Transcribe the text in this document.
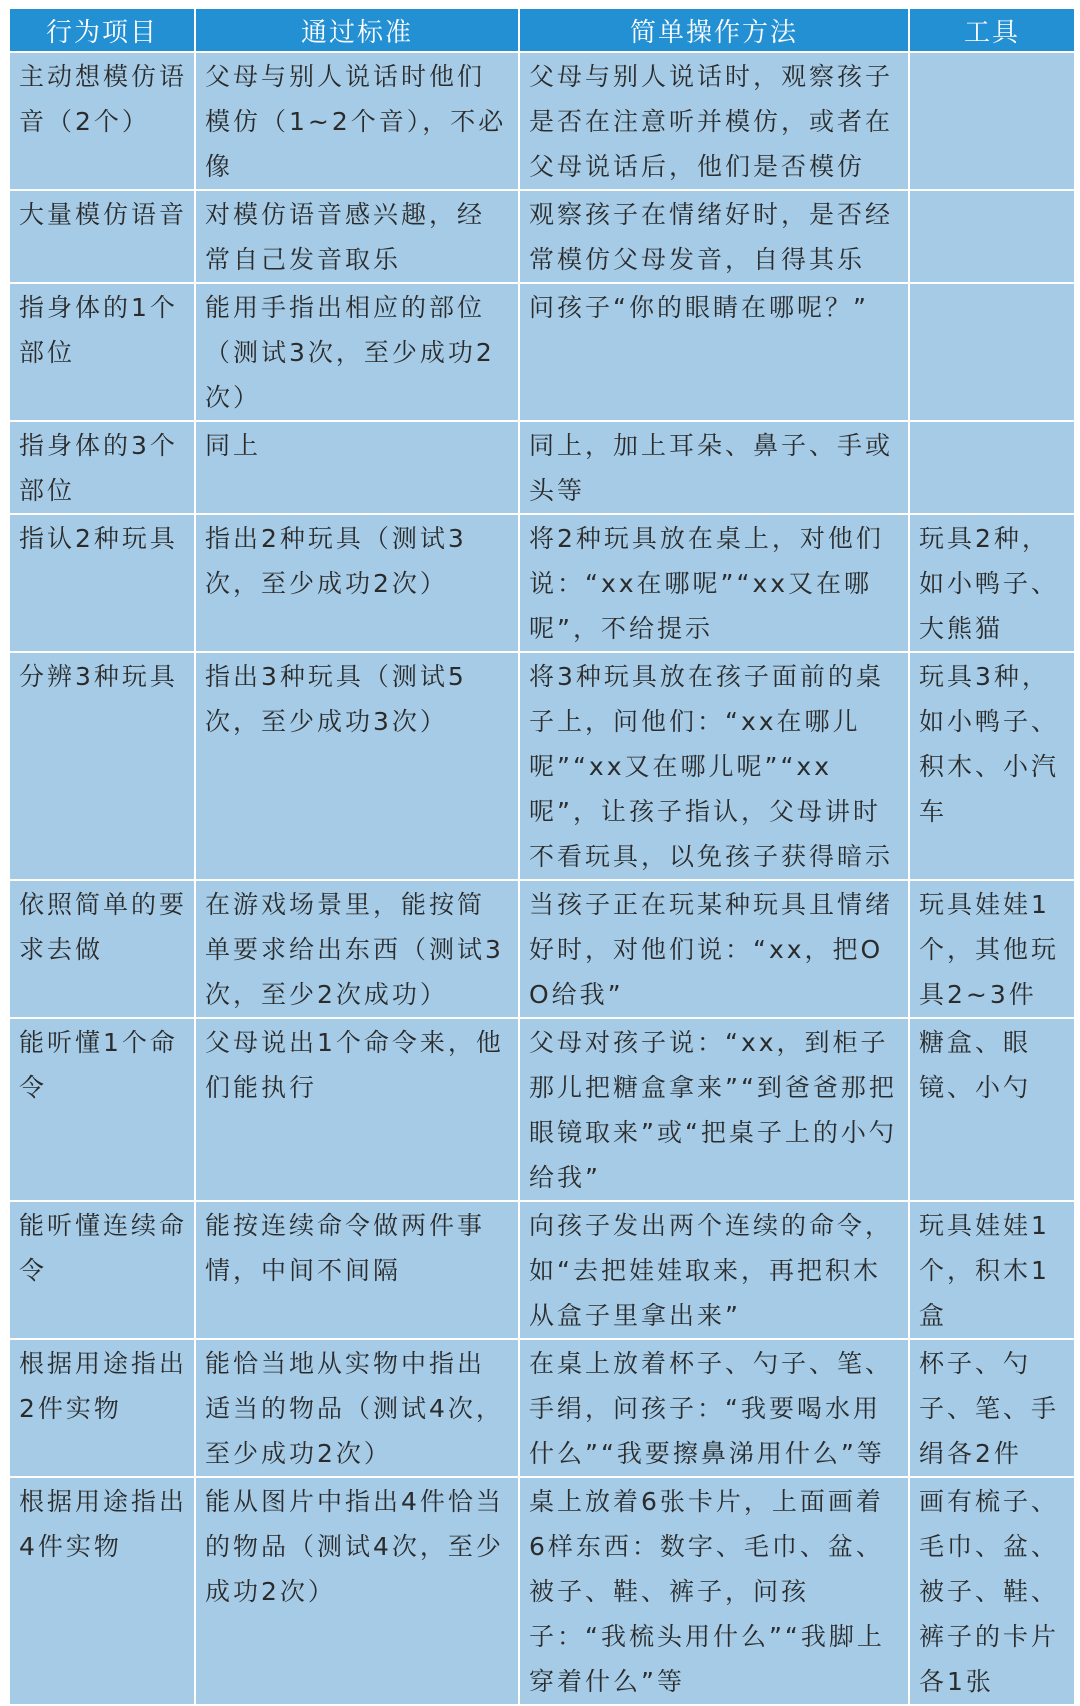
行为项目	通过标准	简单操作方法	工具
主动想模仿语音（2个）	父母与别人说话时他们模仿（1~2个音），不必像	父母与别人说话时，观察孩子是否在注意听并模仿，或者在父母说话后，他们是否模仿	
大量模仿语音	对模仿语音感兴趣，经常自己发音取乐	观察孩子在情绪好时，是否经常模仿父母发音，自得其乐	
指身体的1个部位	能用手指出相应的部位（测试3次，至少成功2次）	问孩子“你的眼睛在哪呢？”	
指身体的3个部位	同上	同上，加上耳朵、鼻子、手或头等	
指认2种玩具	指出2种玩具（测试3次，至少成功2次）	将2种玩具放在桌上，对他们说：“xx在哪呢”“xx又在哪呢”，不给提示	玩具2种，如小鸭子、大熊猫
分辨3种玩具	指出3种玩具（测试5次，至少成功3次）	将3种玩具放在孩子面前的桌子上，问他们：“xx在哪儿呢”“xx又在哪儿呢”“xx呢”，让孩子指认，父母讲时不看玩具，以免孩子获得暗示	玩具3种，如小鸭子、积木、小汽车
依照简单的要求去做	在游戏场景里，能按简单要求给出东西（测试3次，至少2次成功）	当孩子正在玩某种玩具且情绪好时，对他们说：“xx，把OO给我”	玩具娃娃1个，其他玩具2~3件
能听懂1个命令	父母说出1个命令来，他们能执行	父母对孩子说：“xx，到柜子那儿把糖盒拿来”“到爸爸那把眼镜取来”或“把桌子上的小勺给我”	糖盒、眼镜、小勺
能听懂连续命令	能按连续命令做两件事情，中间不间隔	向孩子发出两个连续的命令，如“去把娃娃取来，再把积木从盒子里拿出来”	玩具娃娃1个，积木1盒
根据用途指出2件实物	能恰当地从实物中指出适当的物品（测试4次，至少成功2次）	在桌上放着杯子、勺子、笔、手绢，问孩子：“我要喝水用什么”“我要擦鼻涕用什么”等	杯子、勺子、笔、手绢各2件
根据用途指出4件实物	能从图片中指出4件恰当的物品（测试4次，至少成功2次）	桌上放着6张卡片，上面画着6样东西：数字、毛巾、盆、被子、鞋、裤子，问孩子：“我梳头用什么”“我脚上穿着什么”等	画有梳子、毛巾、盆、被子、鞋、裤子的卡片各1张
